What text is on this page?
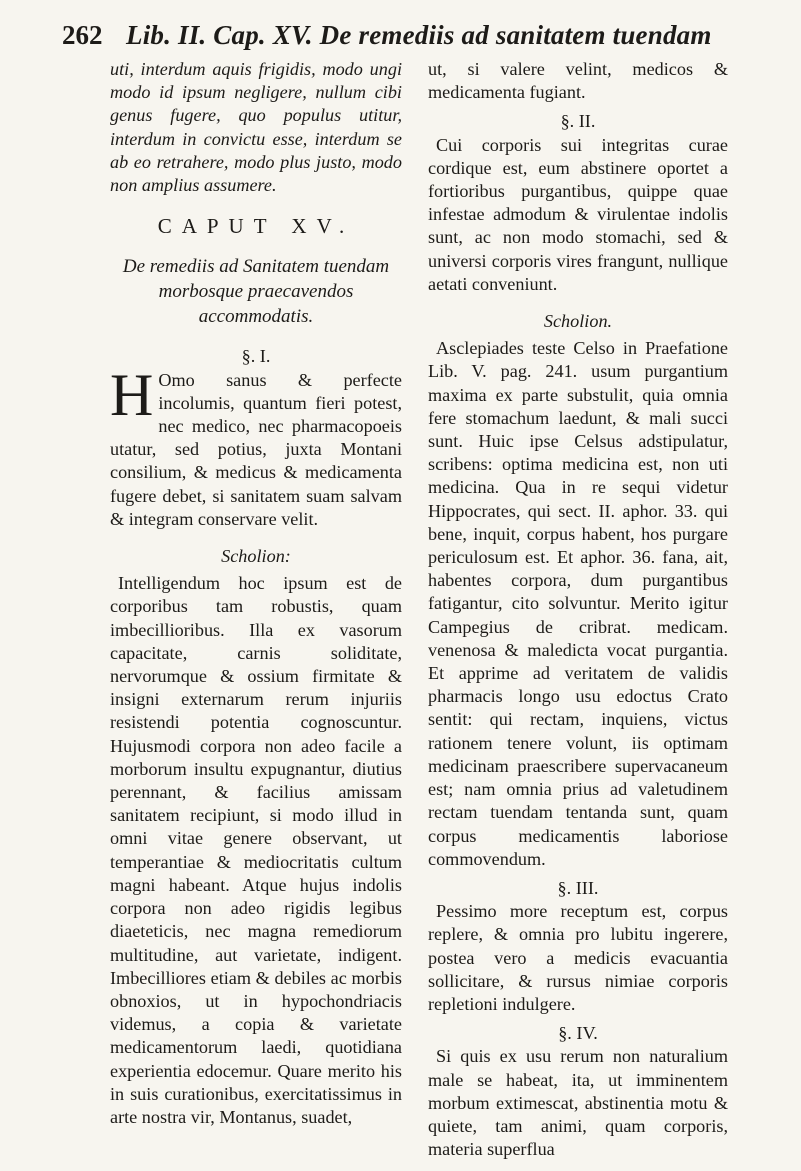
262 Lib. II. Cap. XV. De remediis ad sanitatem tuendam

uti, interdum aquis frigidis, modo ungi modo id ipsum negligere, nullum cibi genus fugere, quo populus utitur, interdum in convictu esse, interdum se ab eo retrahere, modo plus justo, modo non amplius assumere.

CAPUT XV.
De remediis ad Sanitatem tuendam morbosque praecavendos accommodatis.
§. I.

H Omo sanus & perfecte incolumis, quantum fieri potest, nec medico, nec pharmacopoeis utatur, sed potius, juxta Montani consilium, & medicus & medicamenta fugere debet, si sanitatem suam salvam & integram conservare velit.

Scholion:

Intelligendum hoc ipsum est de corporibus tam robustis, quam imbecillioribus. Illa ex vasorum capacitate, carnis soliditate, nervorumque & ossium firmitate & insigni externarum rerum injuriis resistendi potentia cognoscuntur. Hujusmodi corpora non adeo facile a morborum insultu expugnantur, diutius perennant, & facilius amissam sanitatem recipiunt, si modo illud in omni vitae genere observant, ut temperantiae & mediocritatis cultum magni habeant. Atque hujus indolis corpora non adeo rigidis legibus diaeteticis, nec magna remediorum multitudine, aut varietate, indigent. Imbecilliores etiam & debiles ac morbis obnoxios, ut in hypochondriacis videmus, a copia & varietate medicamentorum laedi, quotidiana experientia edocemur. Quare merito his in suis curationibus, exercitatissimus in arte nostra vir, Montanus, suadet,

ut, si valere velint, medicos & medicamenta fugiant.

§. II.

Cui corporis sui integritas curae cordique est, eum abstinere oportet a fortioribus purgantibus, quippe quae infestae admodum & virulentae indolis sunt, ac non modo stomachi, sed & universi corporis vires frangunt, nullique aetati conveniunt.

Scholion.

Asclepiades teste Celso in Praefatione Lib. V. pag. 241. usum purgantium maxima ex parte substulit, quia omnia fere stomachum laedunt, & mali succi sunt. Huic ipse Celsus adstipulatur, scribens: optima medicina est, non uti medicina. Qua in re sequi videtur Hippocrates, qui sect. II. aphor. 33. qui bene, inquit, corpus habent, hos purgare periculosum est. Et aphor. 36. fana, ait, habentes corpora, dum purgantibus fatigantur, cito solvuntur. Merito igitur Campegius de cribrat. medicam. venenosa & maledicta vocat purgantia. Et apprime ad veritatem de validis pharmacis longo usu edoctus Crato sentit: qui rectam, inquiens, victus rationem tenere volunt, iis optimam medicinam praescribere supervacaneum est; nam omnia prius ad valetudinem rectam tuendam tentanda sunt, quam corpus medicamentis laboriose commovendum.

§. III.

Pessimo more receptum est, corpus replere, & omnia pro lubitu ingerere, postea vero a medicis evacuantia sollicitare, & rursus nimiae corporis repletioni indulgere.

§. IV.

Si quis ex usu rerum non naturalium male se habeat, ita, ut imminentem morbum extimescat, abstinentia motu & quiete, tam animi, quam corporis, materia superflua
